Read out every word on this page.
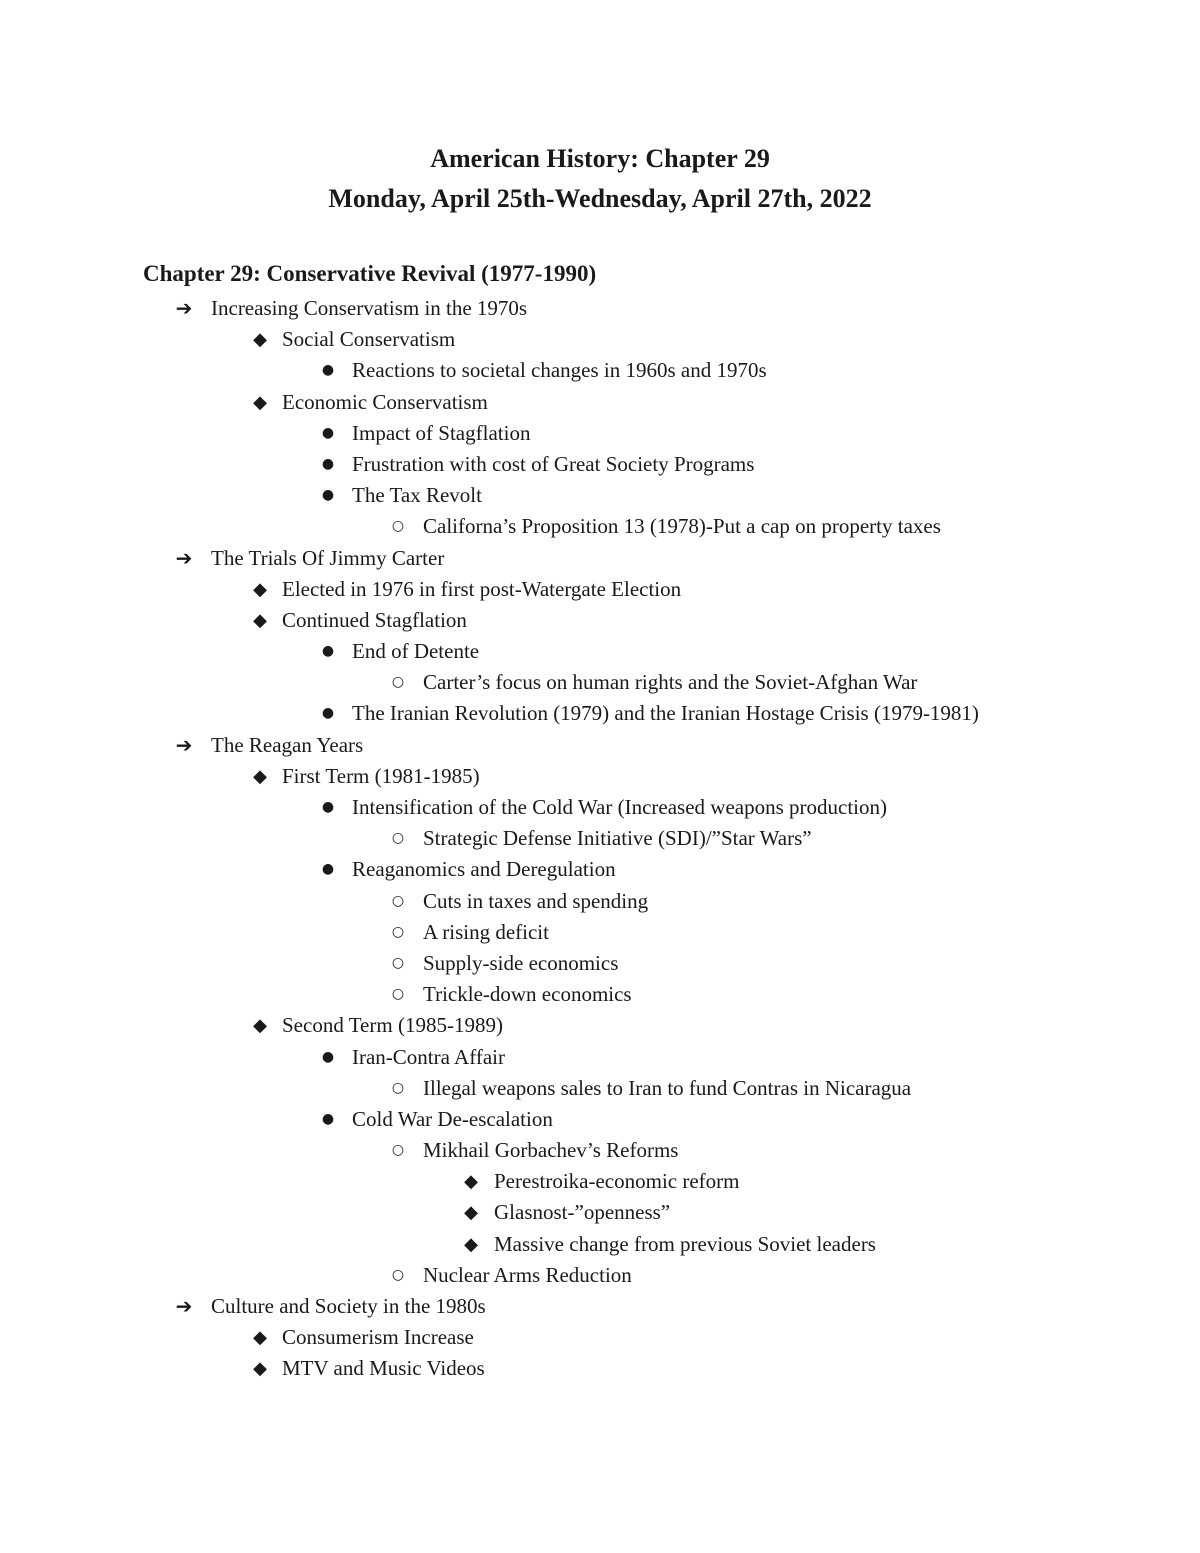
American History: Chapter 29
Monday, April 25th-Wednesday, April 27th, 2022
Chapter 29: Conservative Revival (1977-1990)
➔ Increasing Conservatism in the 1970s
◆ Social Conservatism
● Reactions to societal changes in 1960s and 1970s
◆ Economic Conservatism
● Impact of Stagflation
● Frustration with cost of Great Society Programs
● The Tax Revolt
○ Californa’s Proposition 13 (1978)-Put a cap on property taxes
➔ The Trials Of Jimmy Carter
◆ Elected in 1976 in first post-Watergate Election
◆ Continued Stagflation
● End of Detente
○ Carter’s focus on human rights and the Soviet-Afghan War
● The Iranian Revolution (1979) and the Iranian Hostage Crisis (1979-1981)
➔ The Reagan Years
◆ First Term (1981-1985)
● Intensification of the Cold War (Increased weapons production)
○ Strategic Defense Initiative (SDI)/”Star Wars”
● Reaganomics and Deregulation
○ Cuts in taxes and spending
○ A rising deficit
○ Supply-side economics
○ Trickle-down economics
◆ Second Term (1985-1989)
● Iran-Contra Affair
○ Illegal weapons sales to Iran to fund Contras in Nicaragua
● Cold War De-escalation
○ Mikhail Gorbachev’s Reforms
◆ Perestroika-economic reform
◆ Glasnost-”openness”
◆ Massive change from previous Soviet leaders
○ Nuclear Arms Reduction
➔ Culture and Society in the 1980s
◆ Consumerism Increase
◆ MTV and Music Videos
